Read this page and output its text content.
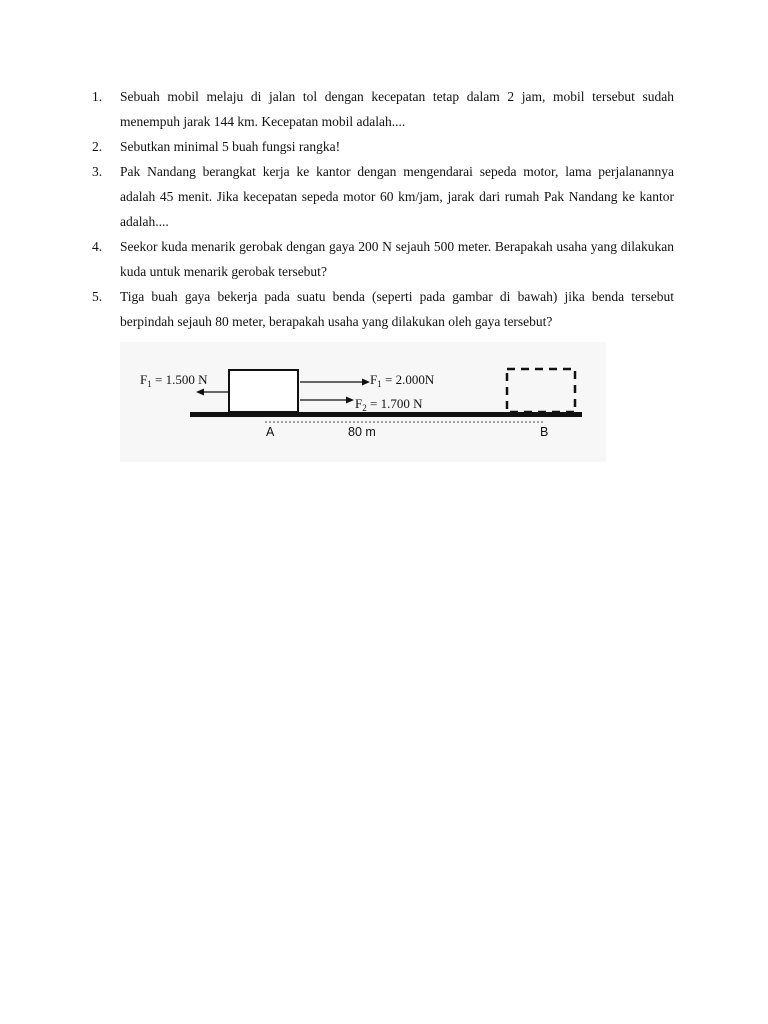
1. Sebuah mobil melaju di jalan tol dengan kecepatan tetap dalam 2 jam, mobil tersebut sudah menempuh jarak 144 km. Kecepatan mobil adalah....
2. Sebutkan minimal 5 buah fungsi rangka!
3. Pak Nandang berangkat kerja ke kantor dengan mengendarai sepeda motor, lama perjalanannya adalah 45 menit. Jika kecepatan sepeda motor 60 km/jam, jarak dari rumah Pak Nandang ke kantor adalah....
4. Seekor kuda menarik gerobak dengan gaya 200 N sejauh 500 meter. Berapakah usaha yang dilakukan kuda untuk menarik gerobak tersebut?
5. Tiga buah gaya bekerja pada suatu benda (seperti pada gambar di bawah) jika benda tersebut berpindah sejauh 80 meter, berapakah usaha yang dilakukan oleh gaya tersebut?
$F_1 = 1.500$ N	$F_1 = 2.000N$
$F_2 = 1.700$ N
A	80 m	B
